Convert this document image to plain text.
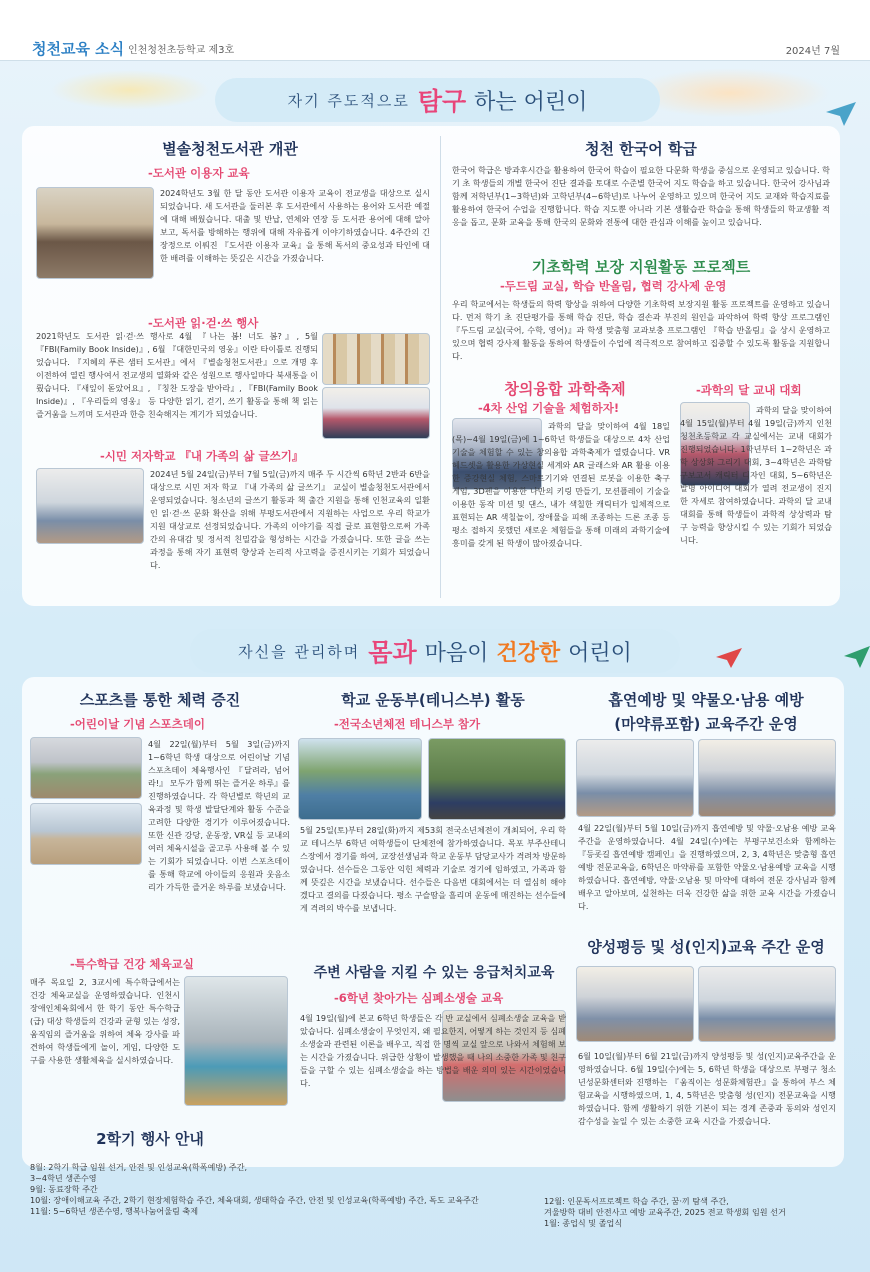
청천교육 소식 인천청천초등학교 제3호	2024년 7월
자기 주도적으로 탐구 하는 어린이
별솔청천도서관 개관
-도서관 이용자 교육
2024학년도 3월 한 달 동안 도서관 이용자 교육이 전교생을 대상으로 실시되었습니다. 새 도서관을 둘러본 후 도서관에서 사용하는 용어와 도서관 예절에 대해 배웠습니다. 대출 및 반납, 연체와 연장 등 도서관 용어에 대해 알아보고, 독서를 방해하는 행위에 대해 자유롭게 이야기하였습니다. 4주간의 긴 장정으로 이뤄진 『도서관 이용자 교육』을 통해 독서의 중요성과 타인에 대한 배려를 이해하는 뜻깊은 시간을 가졌습니다.
-도서관 읽·걷·쓰 행사
2021학년도 도서관 읽·걷·쓰 행사로 4월 『나는 봄! 너도 봄?』, 5월 『FBI(Family Book Inside)』, 6월 『대한민국의 영웅』이란 타이틀로 진행되었습니다. 『지혜의 푸른 샘터 도서관』에서 『별솔청천도서관』으로 개명 후 이전하여 열린 행사여서 전교생의 열화와 같은 성원으로 행사일마다 북새통을 이뤘습니다. 『새잎이 돋았어요』, 『칭찬 도장을 받아라』, 『FBI(Family Book Inside)』, 『우리들의 영웅』 등 다양한 읽기, 걷기, 쓰기 활동을 통해 책 읽는 즐거움을 느끼며 도서관과 한층 친숙해지는 계기가 되었습니다.
-시민 저자학교 『내 가족의 삶 글쓰기』
2024년 5월 24일(금)부터 7월 5일(금)까지 매주 두 시간씩 6학년 2반과 6반을 대상으로 시민 저자 학교 『내 가족의 삶 글쓰기』 교실이 별솔청천도서관에서 운영되었습니다. 청소년의 글쓰기 활동과 책 출간 지원을 통해 인천교육의 일환인 읽·걷·쓰 문화 확산을 위해 부평도서관에서 지원하는 사업으로 우리 학교가 지원 대상교로 선정되었습니다. 가족의 이야기를 직접 글로 표현함으로써 가족 간의 유대감 및 정서적 친밀감을 형성하는 시간을 가졌습니다. 또한 글을 쓰는 과정을 통해 자기 표현력 향상과 논리적 사고력을 증진시키는 기회가 되었습니다.
청천 한국어 학급
한국어 학급은 방과후시간을 활용하여 한국어 학습이 필요한 다문화 학생을 중심으로 운영되고 있습니다. 학기 초 학생들의 개별 한국어 진단 결과를 토대로 수준별 한국어 지도 학습을 하고 있습니다. 한국어 강사님과 함께 저학년부(1~3학년)와 고학년부(4~6학년)로 나누어 운영하고 있으며 한국어 지도 교재와 학습지료를 활용하여 한국어 수업을 진행합니다. 학습 지도뿐 아니라 기본 생활습관 학습을 통해 학생들의 학교생활 적응을 돕고, 문화 교육을 통해 한국의 문화와 전통에 대한 관심과 이해를 높이고 있습니다.
기초학력 보장 지원활동 프로젝트
-두드림 교실, 학습 반올림, 협력 강사제 운영
우리 학교에서는 학생들의 학력 향상을 위하여 다양한 기초학력 보장지원 활동 프로젝트를 운영하고 있습니다. 먼저 학기 초 진단평가를 통해 학습 진단, 학습 결손과 부진의 원인을 파악하여 학력 향상 프로그램인 『두드림 교실(국어, 수학, 영어)』과 학생 맞춤형 교과보충 프로그램인 『학습 반올림』을 상시 운영하고 있으며 협력 강사제 활동을 통하여 학생들이 수업에 적극적으로 참여하고 집중할 수 있도록 활동을 지원합니다.
창의융합 과학축제
-4차 산업 기술을 체험하자!
과학의 달을 맞이하여 4월 18일(목)~4월 19일(금)에 1~6학년 학생들을 대상으로 4차 산업 기술을 체험할 수 있는 창의융합 과학축제가 열렸습니다. VR 헤드셋을 활용한 가상현실 세계와 AR 글래스와 AR 활용 이용한 증강현실 체험, 스마트기기와 연결된 로봇을 이용한 축구 게임, 3D펜을 이용한 나만의 키링 만들기, 모션플레이 기술을 이용한 동작 미션 및 댄스, 내가 색칠한 캐릭터가 입체적으로 표현되는 AR 색칠놀이, 장애물을 피해 조종하는 드론 조종 등 평소 접하지 못했던 새로운 체험들을 통해 미래의 과학기술에 흥미를 갖게 된 학생이 많아졌습니다.
-과학의 달 교내 대회
과학의 달을 맞이하여 4월 15일(월)부터 4월 19일(금)까지 인천청천초등학교 각 교실에서는 교내 대회가 진행되었습니다. 1학년부터 1~2학년은 과학 상상화 그리기 대회, 3~4학년은 과학탐구보고서 캐릭터 디자인 대회, 5~6학년은 발명 아이디어 대회가 열려 전교생이 진지한 자세로 참여하였습니다. 과학의 달 교내 대회를 통해 학생들이 과학적 상상력과 탐구 능력을 향상시킬 수 있는 기회가 되었습니다.
자신을 관리하며 몸과 마음이 건강한 어린이
스포츠를 통한 체력 증진
-어린이날 기념 스포츠데이
4월 22일(월)부터 5월 3일(금)까지 1~6학년 학생 대상으로 어린이날 기념 스포츠데이 체육행사인 『달려라, 넘어라!』 모두가 함께 뛰는 즐거운 하루』를 진행하였습니다. 각 학년별로 학년의 교육과정 및 학생 발달단계와 활동 수준을 고려한 다양한 경기가 이루어졌습니다. 또한 신관 강당, 운동장, VR실 등 교내의 여러 체육시설을 골고루 사용해 볼 수 있는 기회가 되었습니다. 이번 스포츠데이를 통해 학교에 아이들의 응원과 웃음소리가 가득한 즐거운 하루를 보냈습니다.
-특수학급 건강 체육교실
매주 목요일 2, 3교시에 특수학급에서는 건강 체육교실을 운영하였습니다. 인천시 장애인체육회에서 한 학기 동안 특수학급(급) 대상 학생들의 건강과 균형 있는 성장, 움직임의 즐거움을 위하여 체육 강사를 파견하여 학생들에게 놀이, 게임, 다양한 도구를 사용한 생활체육을 실시하였습니다.
학교 운동부(테니스부) 활동
-전국소년체전 테니스부 참가
5월 25일(토)부터 28일(화)까지 제53회 전국소년체전이 개최되어, 우리 학교 테니스부 6학년 여학생들이 단체전에 참가하였습니다. 목포 부주산테니스장에서 경기를 하여, 교장선생님과 학교 운동부 담당교사가 격려차 방문하였습니다. 선수들은 그동안 익힌 체력과 기술로 경기에 임하였고, 가족과 함께 뜻깊은 시간을 보냈습니다. 선수들은 다음번 대회에서는 더 열심히 해야겠다고 결의를 다졌습니다. 평소 구슬땀을 흘리며 운동에 매진하는 선수들에게 격려의 박수를 보냅니다.
주변 사람을 지킬 수 있는 응급처치교육
-6학년 찾아가는 심폐소생술 교육
4월 19일(월)에 본교 6학년 학생들은 각 반 교실에서 심폐소생술 교육을 받았습니다. 심폐소생술이 무엇인지, 왜 필요한지, 어떻게 하는 것인지 등 심폐소생술과 관련된 이론을 배우고, 직접 한 명씩 교실 앞으로 나와서 체험해 보는 시간을 가졌습니다. 위급한 상황이 발생했을 때 나의 소중한 가족 및 친구들을 구할 수 있는 심폐소생술을 하는 방법을 배운 의미 있는 시간이었습니다.
흡연예방 및 약물오·남용 예방
(마약류포함) 교육주간 운영
4월 22일(월)부터 5월 10일(금)까지 흡연예방 및 약물·오남용 예방 교육주간을 운영하였습니다. 4월 24일(수)에는 부평구보건소와 함께하는 『등굣길 흡연예방 캠페인』을 진행하였으며, 2, 3, 4학년은 맞춤형 흡연예방 전문교육을, 6학년은 마약류를 포함한 약물오·남용예방 교육을 시행하였습니다. 흡연예방, 약물·오남용 및 마약에 대하여 전문 강사님과 함께 배우고 알아보며, 실천하는 더욱 건강한 삶을 위한 교육 시간을 가졌습니다.
양성평등 및 성(인지)교육 주간 운영
6월 10일(월)부터 6월 21일(금)까지 양성평등 및 성(인지)교육주간을 운영하였습니다. 6월 19일(수)에는 5, 6학년 학생을 대상으로 부평구 청소년성문화센터와 진행하는 『움직이는 성문화체험관』을 통하여 부스 체험교육을 시행하였으며, 1, 4, 5학년은 맞춤형 성(인지) 전문교육을 시행하였습니다. 함께 생활하기 위한 기본이 되는 경계 존중과 동의와 성인지 감수성을 높일 수 있는 소중한 교육 시간을 가졌습니다.
2학기 행사 안내
8월: 2학기 학급 임원 선거, 안전 및 인성교육(학폭예방) 주간,
3~4학년 생존수영
9월: 동료장학 주간
10월: 장애이해교육 주간, 2학기 현장체험학습 주간, 체육대회, 생태학습 주간, 안전 및 인성교육(학폭예방) 주간, 독도 교육주간
11월: 5~6학년 생존수영, 행복나눔어울림 축제
12월: 인문독서프로젝트 학습 주간, 꿈·끼 탐색 주간,
겨울방학 대비 안전사고 예방 교육주간, 2025 전교 학생회 임원 선거
1월: 종업식 및 졸업식
